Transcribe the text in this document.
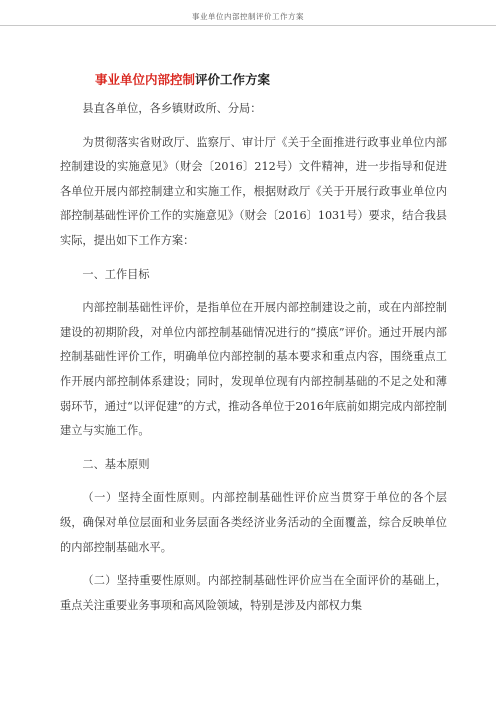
事业单位内部控制评价工作方案
事业单位内部控制评价工作方案

县直各单位，各乡镇财政所、分局：

为贯彻落实省财政厅、监察厅、审计厅《关于全面推进行政事业单位内部控制建设的实施意见》（财会〔2016〕212号）文件精神，进一步指导和促进各单位开展内部控制建立和实施工作，根据财政厅《关于开展行政事业单位内部控制基础性评价工作的实施意见》（财会〔2016〕1031号）要求，结合我县实际，提出如下工作方案：

一、工作目标

内部控制基础性评价，是指单位在开展内部控制建设之前，或在内部控制建设的初期阶段，对单位内部控制基础情况进行的“摸底”评价。通过开展内部控制基础性评价工作，明确单位内部控制的基本要求和重点内容，围绕重点工作开展内部控制体系建设；同时，发现单位现有内部控制基础的不足之处和薄弱环节，通过“以评促建”的方式，推动各单位于2016年底前如期完成内部控制建立与实施工作。

二、基本原则

（一）坚持全面性原则。内部控制基础性评价应当贯穿于单位的各个层级，确保对单位层面和业务层面各类经济业务活动的全面覆盖，综合反映单位的内部控制基础水平。

（二）坚持重要性原则。内部控制基础性评价应当在全面评价的基础上，重点关注重要业务事项和高风险领域，特别是涉及内部权力集
